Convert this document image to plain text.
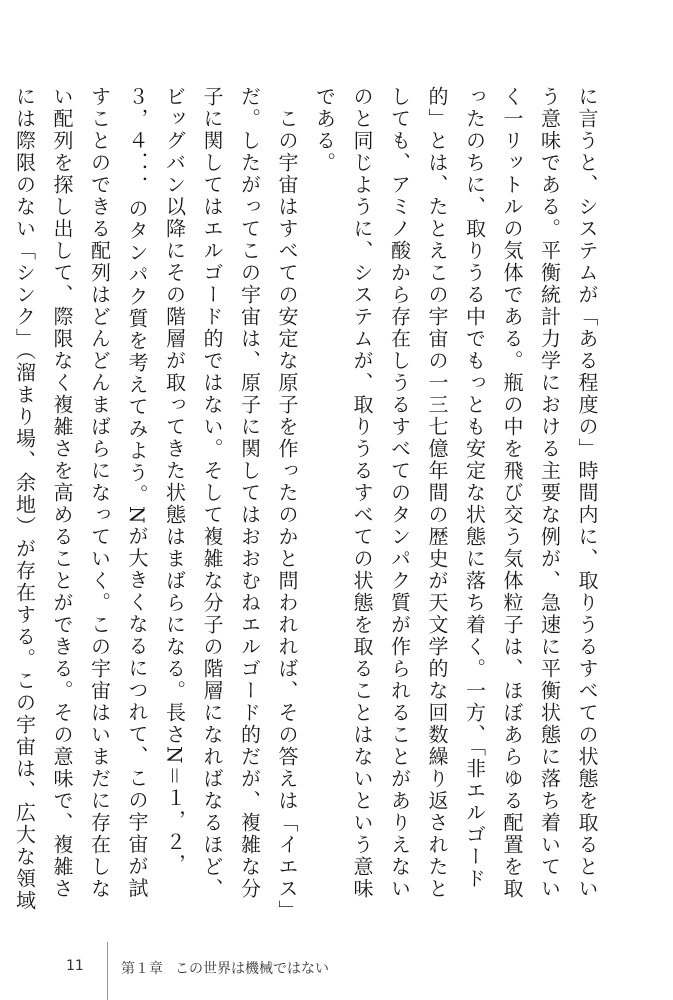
に言うと、システムが「ある程度の」時間内に、取りうるすべての状態を取るという意味である。平衡統計力学における主要な例が、急速に平衡状態に落ち着いていく一リットルの気体である。瓶の中を飛び交う気体粒子は、ほぼあらゆる配置を取ったのちに、取りうる中でもっとも安定な状態に落ち着く。一方、「非エルゴード的」とは、たとえこの宇宙の一三七億年間の歴史が天文学的な回数繰り返されたとしても、アミノ酸から存在しうるすべてのタンパク質が作られることがありえないのと同じように、システムが、取りうるすべての状態を取ることはないという意味である。

　この宇宙はすべての安定な原子を作ったのかと問われれば、その答えは「イエス」だ。したがってこの宇宙は、原子に関してはおおむねエルゴード的だが、複雑な分子に関してはエルゴード的ではない。そして複雑な分子の階層になればなるほど、ビッグバン以降にその階層が取ってきた状態はまばらになる。長さN＝１，２，３，４．．．のタンパク質を考えてみよう。Nが大きくなるにつれて、この宇宙が試すことのできる配列はどんどんまばらになっていく。この宇宙はいまだに存在しない配列を探し出して、際限なく複雑さを高めることができる。その意味で、複雑さには際限のない「シンク」（溜まり場、余地）が存在する。この宇宙は、広大な領域

11	第１章 この世界は機械ではない
